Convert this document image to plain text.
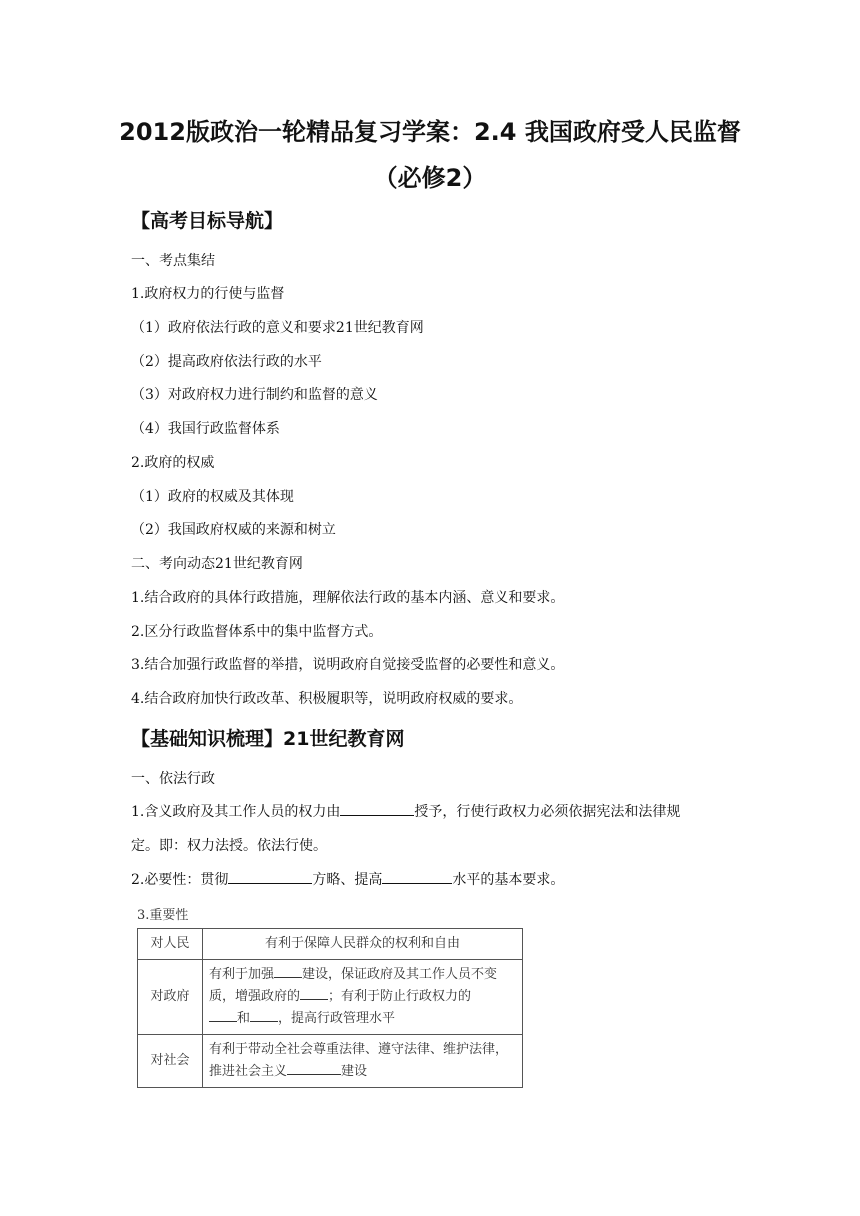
2012版政治一轮精品复习学案：2.4 我国政府受人民监督
（必修2）
【高考目标导航】
一、考点集结
1.政府权力的行使与监督
（1）政府依法行政的意义和要求21世纪教育网
（2）提高政府依法行政的水平
（3）对政府权力进行制约和监督的意义
（4）我国行政监督体系
2.政府的权威
（1）政府的权威及其体现
（2）我国政府权威的来源和树立
二、考向动态21世纪教育网
1.结合政府的具体行政措施，理解依法行政的基本内涵、意义和要求。
2.区分行政监督体系中的集中监督方式。
3.结合加强行政监督的举措，说明政府自觉接受监督的必要性和意义。
4.结合政府加快行政改革、积极履职等，说明政府权威的要求。
【基础知识梳理】21世纪教育网
一、依法行政
1.含义政府及其工作人员的权力由	授予，行使行政权力必须依据宪法和法律规
定。即：权力法授。依法行使。
2.必要性：贯彻	方略、提高	水平的基本要求。
3.重要性
对人民	有利于保障人民群众的权利和自由
对政府	有利于加强 建设，保证政府及其工作人员不变质，增强政府的 ；有利于防止行政权力的
和 ，提高行政管理水平
对社会	有利于带动全社会尊重法律、遵守法律、维护法律，推进社会主义 建设
